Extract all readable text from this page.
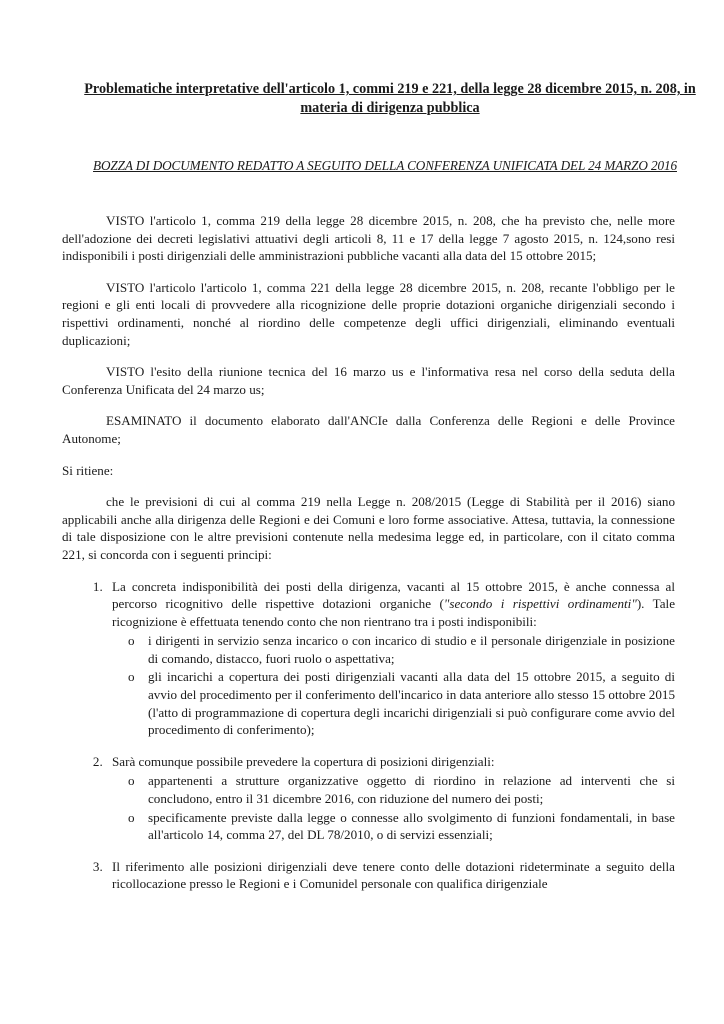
Problematiche interpretative dell'articolo 1, commi 219 e 221, della legge 28 dicembre 2015, n. 208, in materia di dirigenza pubblica
BOZZA DI DOCUMENTO REDATTO A SEGUITO DELLA CONFERENZA UNIFICATA DEL 24 MARZO 2016

VISTO l'articolo 1, comma 219 della legge 28 dicembre 2015, n. 208, che ha previsto che, nelle more dell'adozione dei decreti legislativi attuativi degli articoli 8, 11 e 17 della legge 7 agosto 2015, n. 124,sono resi indisponibili i posti dirigenziali delle amministrazioni pubbliche vacanti alla data del 15 ottobre 2015;

VISTO l'articolo l'articolo 1, comma 221 della legge 28 dicembre 2015, n. 208, recante l'obbligo per le regioni e gli enti locali di provvedere alla ricognizione delle proprie dotazioni organiche dirigenziali secondo i rispettivi ordinamenti, nonché al riordino delle competenze degli uffici dirigenziali, eliminando eventuali duplicazioni;

VISTO l'esito della riunione tecnica del 16 marzo us e l'informativa resa nel corso della seduta della Conferenza Unificata del 24 marzo us;

ESAMINATO il documento elaborato dall'ANCIe dalla Conferenza delle Regioni e delle Province Autonome;

Si ritiene:

che le previsioni di cui al comma 219 nella Legge n. 208/2015 (Legge di Stabilità per il 2016) siano applicabili anche alla dirigenza delle Regioni e dei Comuni e loro forme associative. Attesa, tuttavia, la connessione di tale disposizione con le altre previsioni contenute nella medesima legge ed, in particolare, con il citato comma 221, si concorda con i seguenti principi:

1. La concreta indisponibilità dei posti della dirigenza, vacanti al 15 ottobre 2015, è anche connessa al percorso ricognitivo delle rispettive dotazioni organiche ("secondo i rispettivi ordinamenti"). Tale ricognizione è effettuata tenendo conto che non rientrano tra i posti indisponibili:
o i dirigenti in servizio senza incarico o con incarico di studio e il personale dirigenziale in posizione di comando, distacco, fuori ruolo o aspettativa;
o gli incarichi a copertura dei posti dirigenziali vacanti alla data del 15 ottobre 2015, a seguito di avvio del procedimento per il conferimento dell'incarico in data anteriore allo stesso 15 ottobre 2015 (l'atto di programmazione di copertura degli incarichi dirigenziali si può configurare come avvio del procedimento di conferimento);
2. Sarà comunque possibile prevedere la copertura di posizioni dirigenziali:
o appartenenti a strutture organizzative oggetto di riordino in relazione ad interventi che si concludono, entro il 31 dicembre 2016, con riduzione del numero dei posti;
o specificamente previste dalla legge o connesse allo svolgimento di funzioni fondamentali, in base all'articolo 14, comma 27, del DL 78/2010, o di servizi essenziali;
3. Il riferimento alle posizioni dirigenziali deve tenere conto delle dotazioni rideterminate a seguito della ricollocazione presso le Regioni e i Comunidel personale con qualifica dirigenziale
